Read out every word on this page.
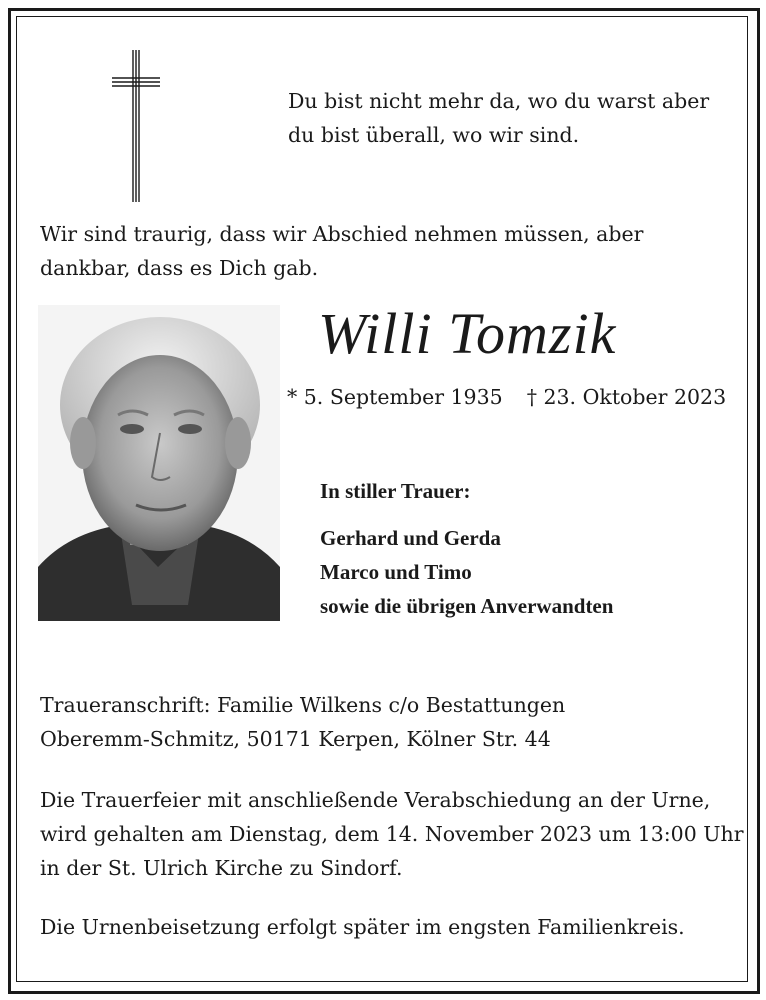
Du bist nicht mehr da, wo du warst aber
du bist überall, wo wir sind.
Wir sind traurig, dass wir Abschied nehmen müssen, aber
dankbar, dass es Dich gab.
Willi Tomzik
* 5. September 1935 † 23. Oktober 2023
In stiller Trauer:
Gerhard und Gerda
Marco und Timo
sowie die übrigen Anverwandten
Traueranschrift: Familie Wilkens c/o Bestattungen
Oberemm-Schmitz, 50171 Kerpen, Kölner Str. 44
Die Trauerfeier mit anschließende Verabschiedung an der Urne,
wird gehalten am Dienstag, dem 14. November 2023 um 13:00 Uhr
in der St. Ulrich Kirche zu Sindorf.
Die Urnenbeisetzung erfolgt später im engsten Familienkreis.
